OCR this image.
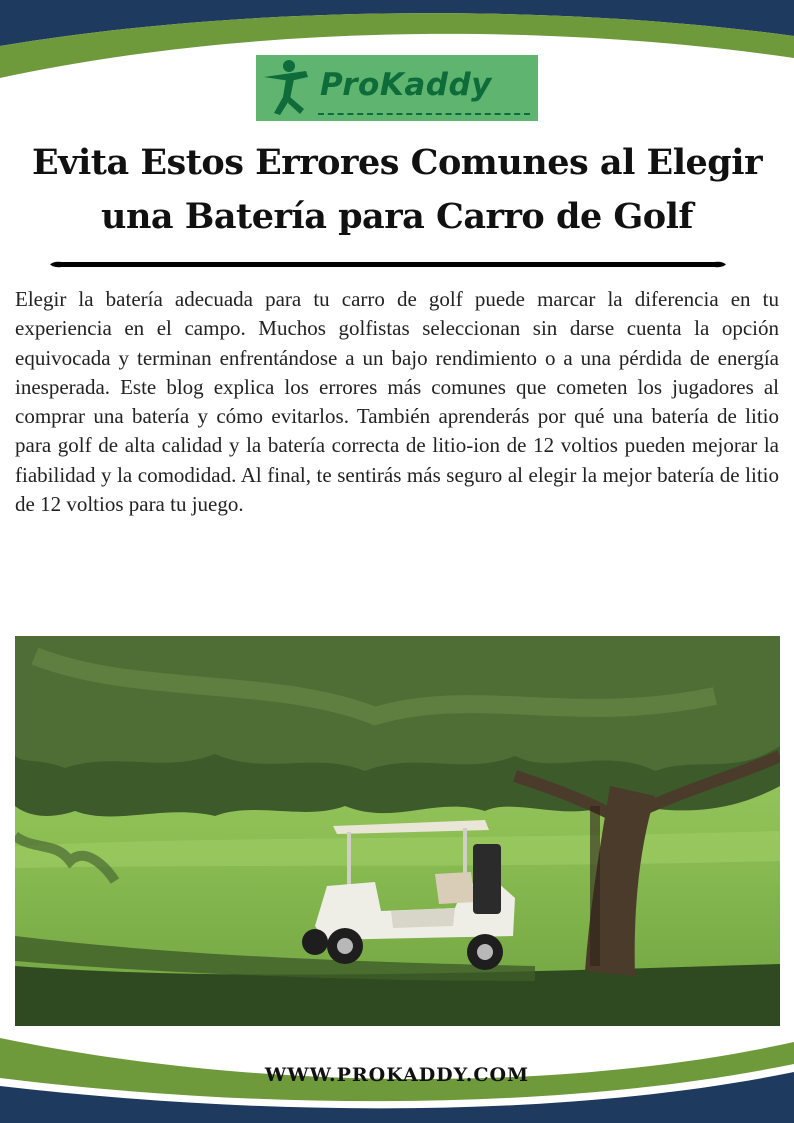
ProKaddy
Evita Estos Errores Comunes al Elegir
una Batería para Carro de Golf

Elegir la batería adecuada para tu carro de golf puede marcar la diferencia en tu experiencia en el campo. Muchos golfistas seleccionan sin darse cuenta la opción equivocada y terminan enfrentándose a un bajo rendimiento o a una pérdida de energía inesperada. Este blog explica los errores más comunes que cometen los jugadores al comprar una batería y cómo evitarlos. También aprenderás por qué una batería de litio para golf de alta calidad y la batería correcta de litio-ion de 12 voltios pueden mejorar la fiabilidad y la comodidad. Al final, te sentirás más seguro al elegir la mejor batería de litio de 12 voltios para tu juego.

WWW.PROKADDY.COM
